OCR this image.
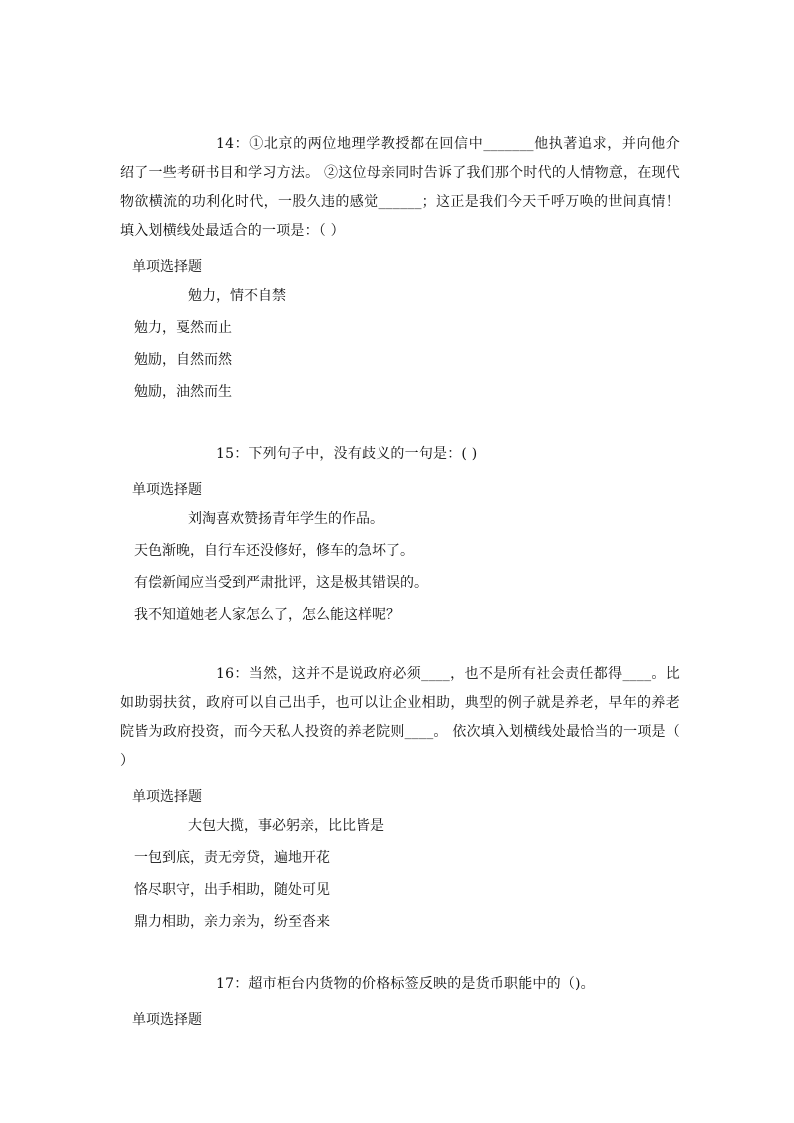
14：①北京的两位地理学教授都在回信中_______他执著追求，并向他介绍了一些考研书目和学习方法。 ②这位母亲同时告诉了我们那个时代的人情物意，在现代物欲横流的功利化时代，一股久违的感觉______；这正是我们今天千呼万唤的世间真情！ 填入划横线处最适合的一项是：（ ）

单项选择题

勉力，情不自禁

勉力，戛然而止

勉励，自然而然

勉励，油然而生

15：下列句子中，没有歧义的一句是：( )

单项选择题

刘淘喜欢赞扬青年学生的作品。

天色渐晚，自行车还没修好，修车的急坏了。

有偿新闻应当受到严肃批评，这是极其错误的。

我不知道她老人家怎么了，怎么能这样呢？

16：当然，这并不是说政府必须____，也不是所有社会责任都得____。比如助弱扶贫，政府可以自己出手，也可以让企业相助，典型的例子就是养老，早年的养老院皆为政府投资，而今天私人投资的养老院则____。 依次填入划横线处最恰当的一项是（ ）

单项选择题

大包大揽，事必躬亲，比比皆是

一包到底，责无旁贷，遍地开花

恪尽职守，出手相助，随处可见

鼎力相助，亲力亲为，纷至沓来

17：超市柜台内货物的价格标签反映的是货币职能中的（)。

单项选择题
